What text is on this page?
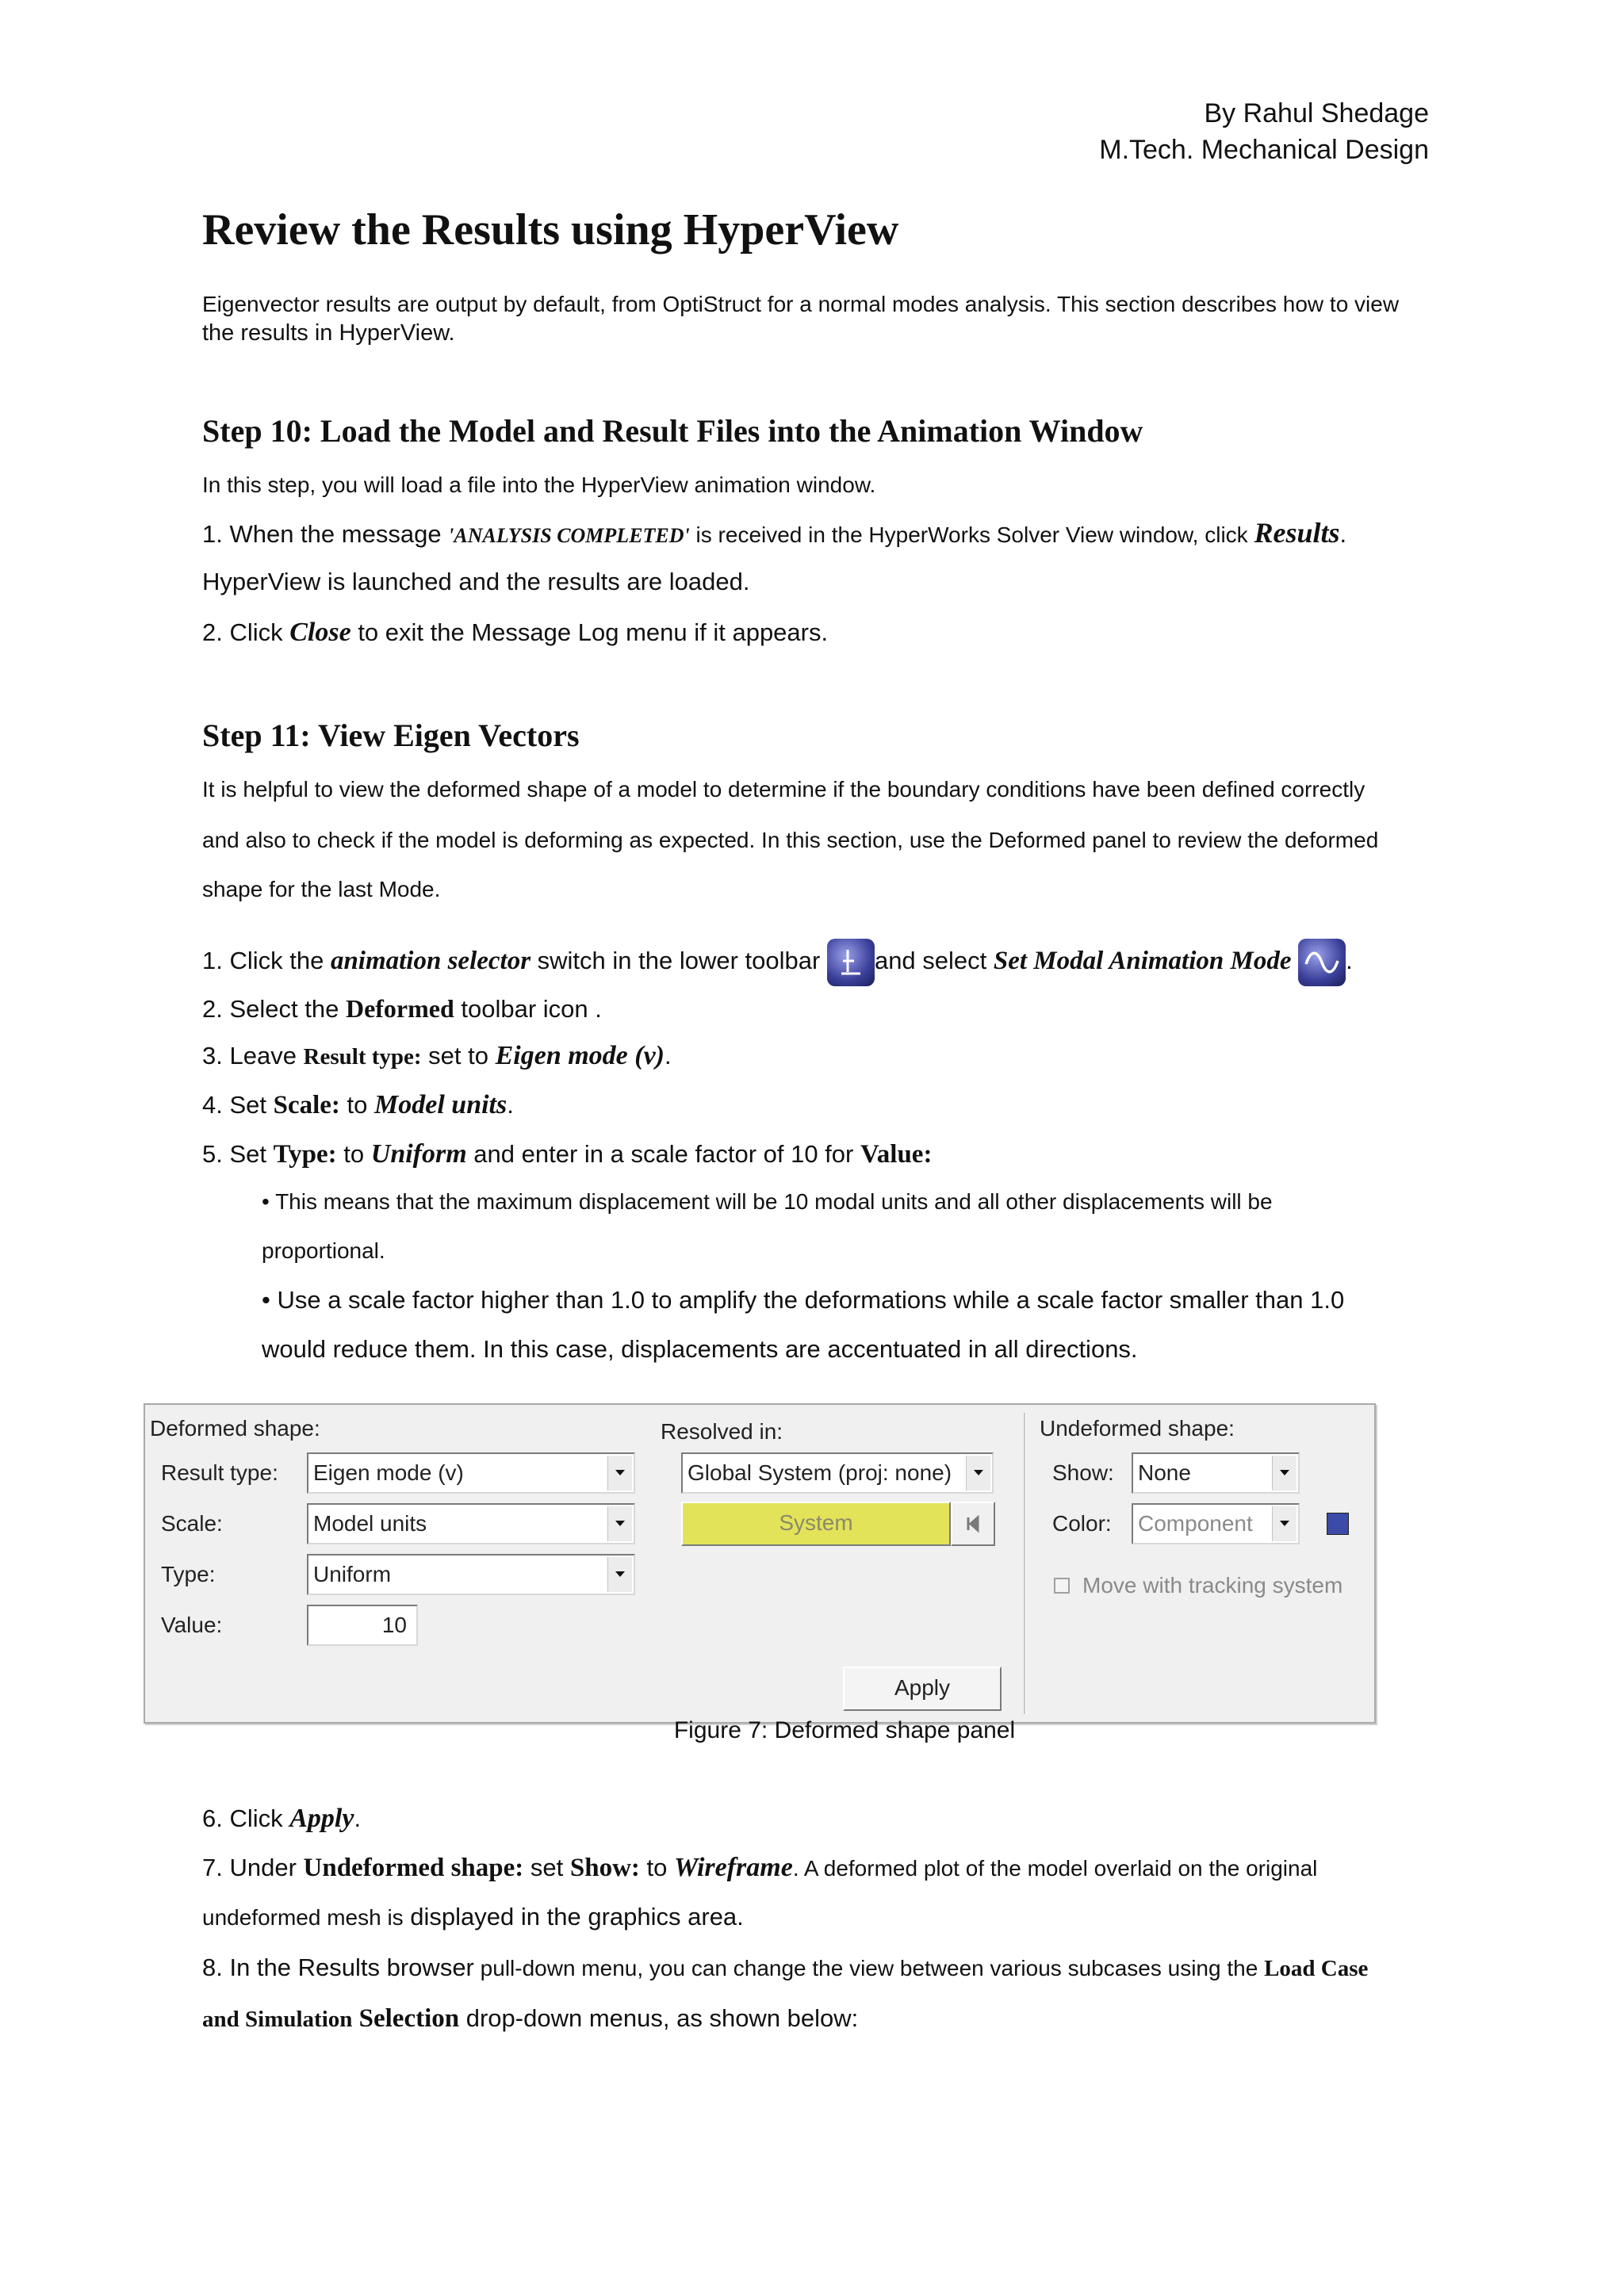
By Rahul Shedage
M.Tech. Mechanical Design
Review the Results using HyperView
Eigenvector results are output by default, from OptiStruct for a normal modes analysis. This section describes how to view
the results in HyperView.
Step 10: Load the Model and Result Files into the Animation Window
In this step, you will load a file into the HyperView animation window.
1. When the message 'ANALYSIS COMPLETED' is received in the HyperWorks Solver View window, click Results.
HyperView is launched and the results are loaded.
2. Click Close to exit the Message Log menu if it appears.
Step 11: View Eigen Vectors
It is helpful to view the deformed shape of a model to determine if the boundary conditions have been defined correctly
and also to check if the model is deforming as expected. In this section, use the Deformed panel to review the deformed
shape for the last Mode.
1. Click the animation selector switch in the lower toolbar
and select Set Modal Animation Mode .
2. Select the Deformed toolbar icon .
3. Leave Result type: set to Eigen mode (v).
4. Set Scale: to Model units.
5. Set Type: to Uniform and enter in a scale factor of 10 for Value:
• This means that the maximum displacement will be 10 modal units and all other displacements will be
proportional.
• Use a scale factor higher than 1.0 to amplify the deformations while a scale factor smaller than 1.0
would reduce them. In this case, displacements are accentuated in all directions.
Deformed shape:
Result type: Eigen mode (v)
Scale:	Model units
Type:	Uniform
Value:	10
Resolved in:
Global System (proj: none)
System
Undeformed shape:
Show: None
Color: Component
Move with tracking system
Apply
Figure 7: Deformed shape panel
6. Click Apply.
7. Under Undeformed shape: set Show: to Wireframe. A deformed plot of the model overlaid on the original
undeformed mesh is displayed in the graphics area.
8. In the Results browser pull-down menu, you can change the view between various subcases using the Load Case
and Simulation Selection drop-down menus, as shown below:
